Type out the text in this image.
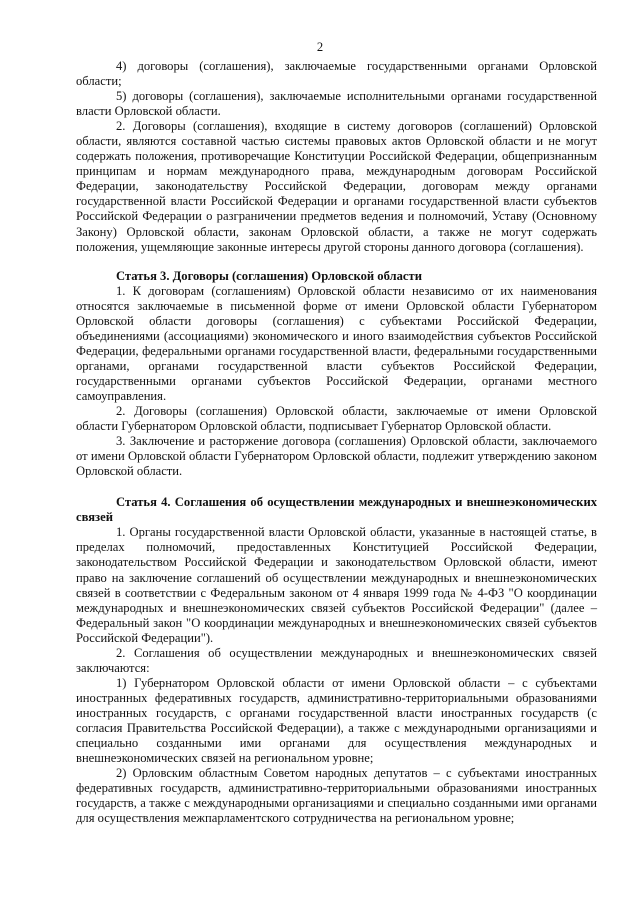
2

4) договоры (соглашения), заключаемые государственными органами Орловской области;

5) договоры (соглашения), заключаемые исполнительными органами государственной власти Орловской области.

2. Договоры (соглашения), входящие в систему договоров (соглашений) Орловской области, являются составной частью системы правовых актов Орловской области и не могут содержать положения, противоречащие Конституции Российской Федерации, общепризнанным принципам и нормам международного права, международным договорам Российской Федерации, законодательству Российской Федерации, договорам между органами государственной власти Российской Федерации и органами государственной власти субъектов Российской Федерации о разграничении предметов ведения и полномочий, Уставу (Основному Закону) Орловской области, законам Орловской области, а также не могут содержать положения, ущемляющие законные интересы другой стороны данного договора (соглашения).

Статья 3. Договоры (соглашения) Орловской области

1. К договорам (соглашениям) Орловской области независимо от их наименования относятся заключаемые в письменной форме от имени Орловской области Губернатором Орловской области договоры (соглашения) с субъектами Российской Федерации, объединениями (ассоциациями) экономического и иного взаимодействия субъектов Российской Федерации, федеральными органами государственной власти, федеральными государственными органами, органами государственной власти субъектов Российской Федерации, государственными органами субъектов Российской Федерации, органами местного самоуправления.

2. Договоры (соглашения) Орловской области, заключаемые от имени Орловской области Губернатором Орловской области, подписывает Губернатор Орловской области.

3. Заключение и расторжение договора (соглашения) Орловской области, заключаемого от имени Орловской области Губернатором Орловской области, подлежит утверждению законом Орловской области.

Статья 4. Соглашения об осуществлении международных и внешнеэкономических связей

1. Органы государственной власти Орловской области, указанные в настоящей статье, в пределах полномочий, предоставленных Конституцией Российской Федерации, законодательством Российской Федерации и законодательством Орловской области, имеют право на заключение соглашений об осуществлении международных и внешнеэкономических связей в соответствии с Федеральным законом от 4 января 1999 года № 4-ФЗ "О координации международных и внешнеэкономических связей субъектов Российской Федерации" (далее – Федеральный закон "О координации международных и внешнеэкономических связей субъектов Российской Федерации").

2. Соглашения об осуществлении международных и внешнеэкономических связей заключаются:

1) Губернатором Орловской области от имени Орловской области – с субъектами иностранных федеративных государств, административно-территориальными образованиями иностранных государств, с органами государственной власти иностранных государств (с согласия Правительства Российской Федерации), а также с международными организациями и специально созданными ими органами для осуществления международных и внешнеэкономических связей на региональном уровне;

2) Орловским областным Советом народных депутатов – с субъектами иностранных федеративных государств, административно-территориальными образованиями иностранных государств, а также с международными организациями и специально созданными ими органами для осуществления межпарламентского сотрудничества на региональном уровне;
